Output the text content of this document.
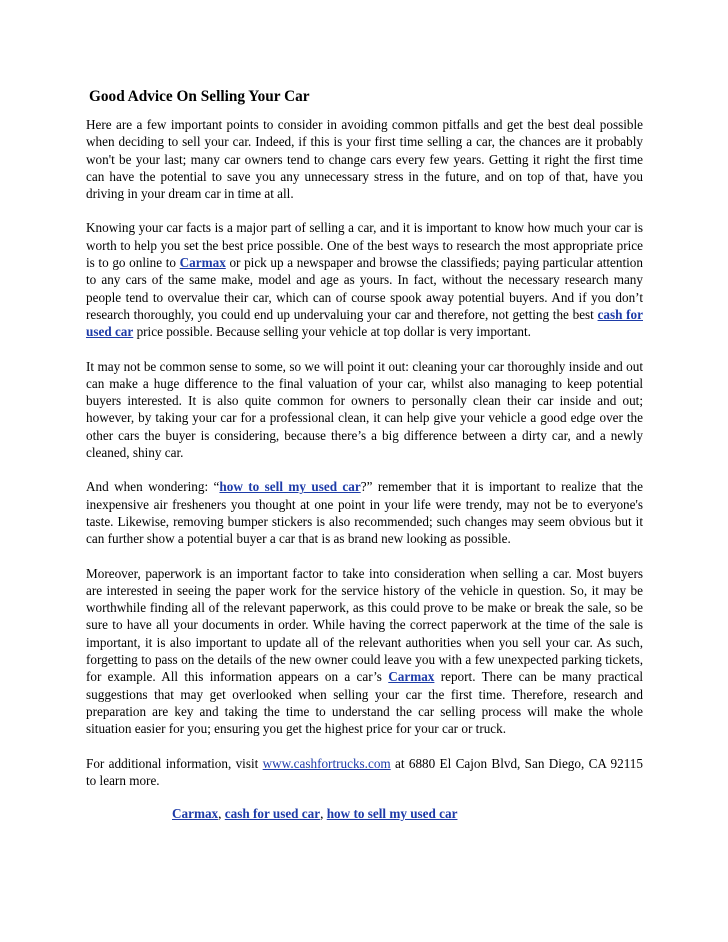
Good Advice On Selling Your Car

Here are a few important points to consider in avoiding common pitfalls and get the best deal possible when deciding to sell your car. Indeed, if this is your first time selling a car, the chances are it probably won't be your last; many car owners tend to change cars every few years. Getting it right the first time can have the potential to save you any unnecessary stress in the future, and on top of that, have you driving in your dream car in time at all.

Knowing your car facts is a major part of selling a car, and it is important to know how much your car is worth to help you set the best price possible. One of the best ways to research the most appropriate price is to go online to Carmax or pick up a newspaper and browse the classifieds; paying particular attention to any cars of the same make, model and age as yours. In fact, without the necessary research many people tend to overvalue their car, which can of course spook away potential buyers. And if you don’t research thoroughly, you could end up undervaluing your car and therefore, not getting the best cash for used car price possible. Because selling your vehicle at top dollar is very important.

It may not be common sense to some, so we will point it out: cleaning your car thoroughly inside and out can make a huge difference to the final valuation of your car, whilst also managing to keep potential buyers interested. It is also quite common for owners to personally clean their car inside and out; however, by taking your car for a professional clean, it can help give your vehicle a good edge over the other cars the buyer is considering, because there’s a big difference between a dirty car, and a newly cleaned, shiny car.

And when wondering: “how to sell my used car?” remember that it is important to realize that the inexpensive air fresheners you thought at one point in your life were trendy, may not be to everyone's taste. Likewise, removing bumper stickers is also recommended; such changes may seem obvious but it can further show a potential buyer a car that is as brand new looking as possible.

Moreover, paperwork is an important factor to take into consideration when selling a car. Most buyers are interested in seeing the paper work for the service history of the vehicle in question. So, it may be worthwhile finding all of the relevant paperwork, as this could prove to be make or break the sale, so be sure to have all your documents in order. While having the correct paperwork at the time of the sale is important, it is also important to update all of the relevant authorities when you sell your car. As such, forgetting to pass on the details of the new owner could leave you with a few unexpected parking tickets, for example. All this information appears on a car’s Carmax report. There can be many practical suggestions that may get overlooked when selling your car the first time. Therefore, research and preparation are key and taking the time to understand the car selling process will make the whole situation easier for you; ensuring you get the highest price for your car or truck.

For additional information, visit www.cashfortrucks.com at 6880 El Cajon Blvd, San Diego, CA 92115 to learn more.

Carmax, cash for used car, how to sell my used car
